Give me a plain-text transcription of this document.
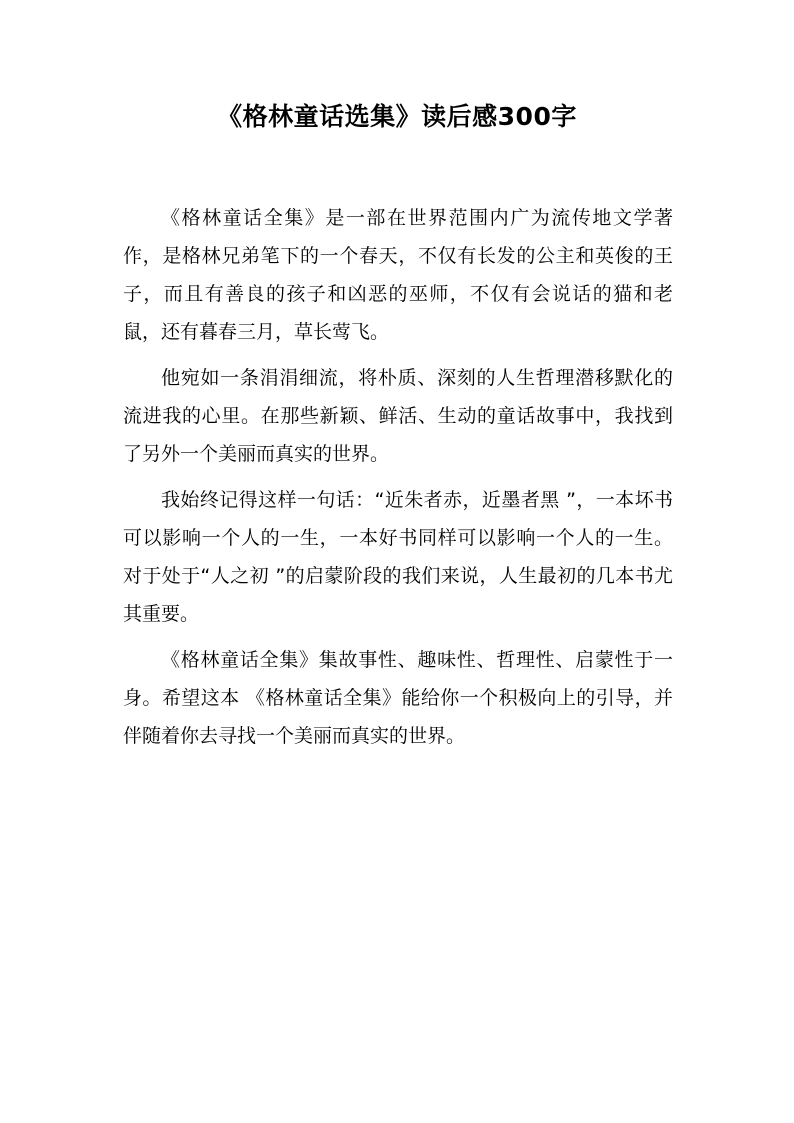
《格林童话选集》读后感300字

《格林童话全集》是一部在世界范围内广为流传地文学著作，是格林兄弟笔下的一个春天，不仅有长发的公主和英俊的王子，而且有善良的孩子和凶恶的巫师，不仅有会说话的猫和老鼠，还有暮春三月，草长莺飞。

他宛如一条涓涓细流，将朴质、深刻的人生哲理潜移默化的流进我的心里。在那些新颖、鲜活、生动的童话故事中，我找到了另外一个美丽而真实的世界。

我始终记得这样一句话：“近朱者赤，近墨者黑 ”，一本坏书可以影响一个人的一生，一本好书同样可以影响一个人的一生。对于处于“人之初 ”的启蒙阶段的我们来说，人生最初的几本书尤其重要。

《格林童话全集》集故事性、趣味性、哲理性、启蒙性于一身。希望这本 《格林童话全集》能给你一个积极向上的引导，并伴随着你去寻找一个美丽而真实的世界。
